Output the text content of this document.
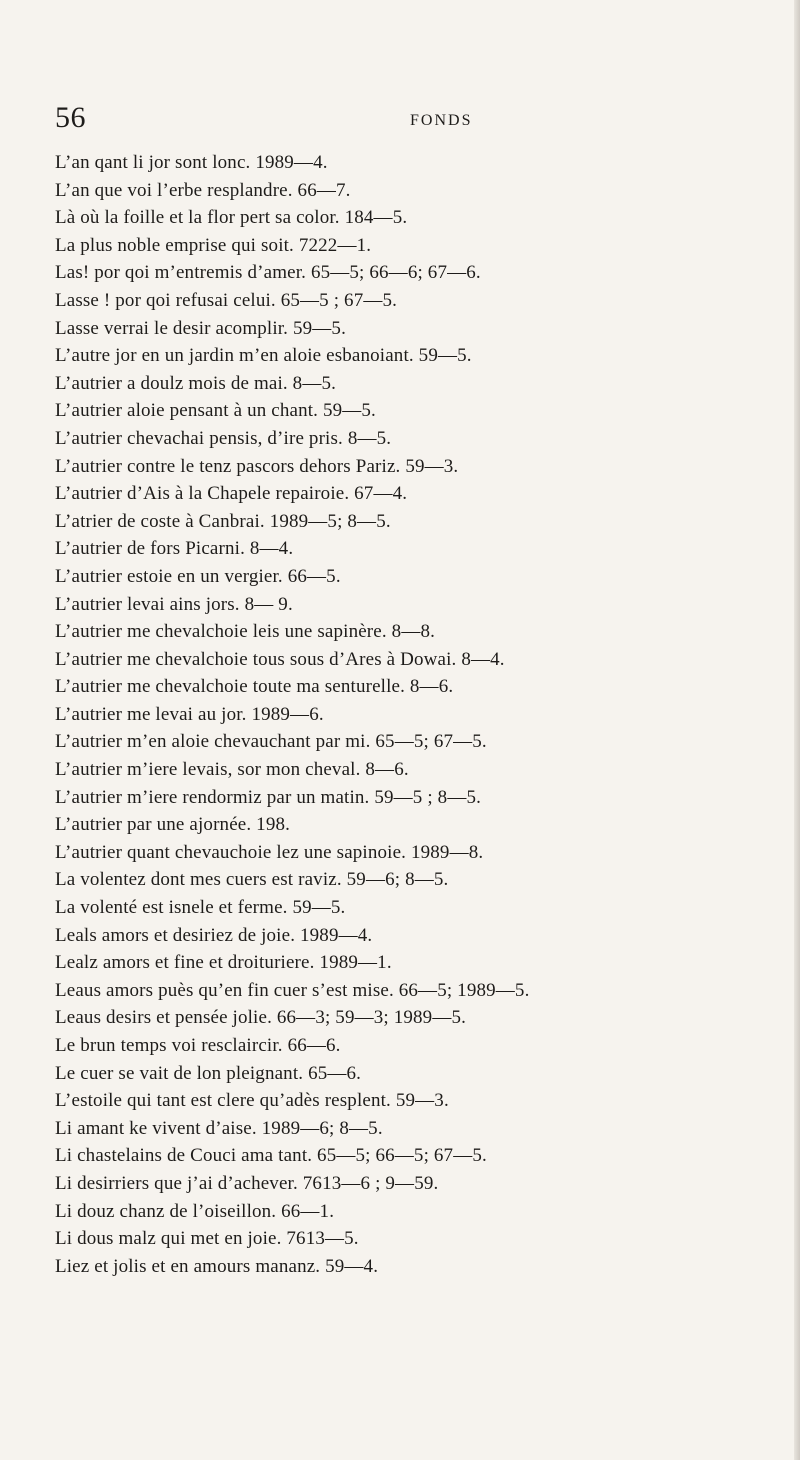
56	FONDS
L’an qant li jor sont lonc. 1989—4.
L’an que voi l’erbe resplandre. 66—7.
Là où la foille et la flor pert sa color. 184—5.
La plus noble emprise qui soit. 7222—1.
Las! por qoi m’entremis d’amer. 65—5; 66—6; 67—6.
Lasse ! por qoi refusai celui. 65—5 ; 67—5.
Lasse verrai le desir acomplir. 59—5.
L’autre jor en un jardin m’en aloie esbanoiant. 59—5.
L’autrier a doulz mois de mai. 8—5.
L’autrier aloie pensant à un chant. 59—5.
L’autrier chevachai pensis, d’ire pris. 8—5.
L’autrier contre le tenz pascors dehors Pariz. 59—3.
L’autrier d’Ais à la Chapele repairoie. 67—4.
L’atrier de coste à Canbrai. 1989—5; 8—5.
L’autrier de fors Picarni. 8—4.
L’autrier estoie en un vergier. 66—5.
L’autrier levai ains jors. 8— 9.
L’autrier me chevalchoie leis une sapinère. 8—8.
L’autrier me chevalchoie tous sous d’Ares à Dowai. 8—4.
L’autrier me chevalchoie toute ma senturelle. 8—6.
L’autrier me levai au jor. 1989—6.
L’autrier m’en aloie chevauchant par mi. 65—5; 67—5.
L’autrier m’iere levais, sor mon cheval. 8—6.
L’autrier m’iere rendormiz par un matin. 59—5 ; 8—5.
L’autrier par une ajornée. 198.
L’autrier quant chevauchoie lez une sapinoie. 1989—8.
La volentez dont mes cuers est raviz. 59—6; 8—5.
La volenté est isnele et ferme. 59—5.
Leals amors et desiriez de joie. 1989—4.
Lealz amors et fine et droituriere. 1989—1.
Leaus amors puès qu’en fin cuer s’est mise. 66—5; 1989—5.
Leaus desirs et pensée jolie. 66—3; 59—3; 1989—5.
Le brun temps voi resclaircir. 66—6.
Le cuer se vait de lon pleignant. 65—6.
L’estoile qui tant est clere qu’adès resplent. 59—3.
Li amant ke vivent d’aise. 1989—6; 8—5.
Li chastelains de Couci ama tant. 65—5; 66—5; 67—5.
Li desirriers que j’ai d’achever. 7613—6 ; 9—59.
Li douz chanz de l’oiseillon. 66—1.
Li dous malz qui met en joie. 7613—5.
Liez et jolis et en amours mananz. 59—4.
